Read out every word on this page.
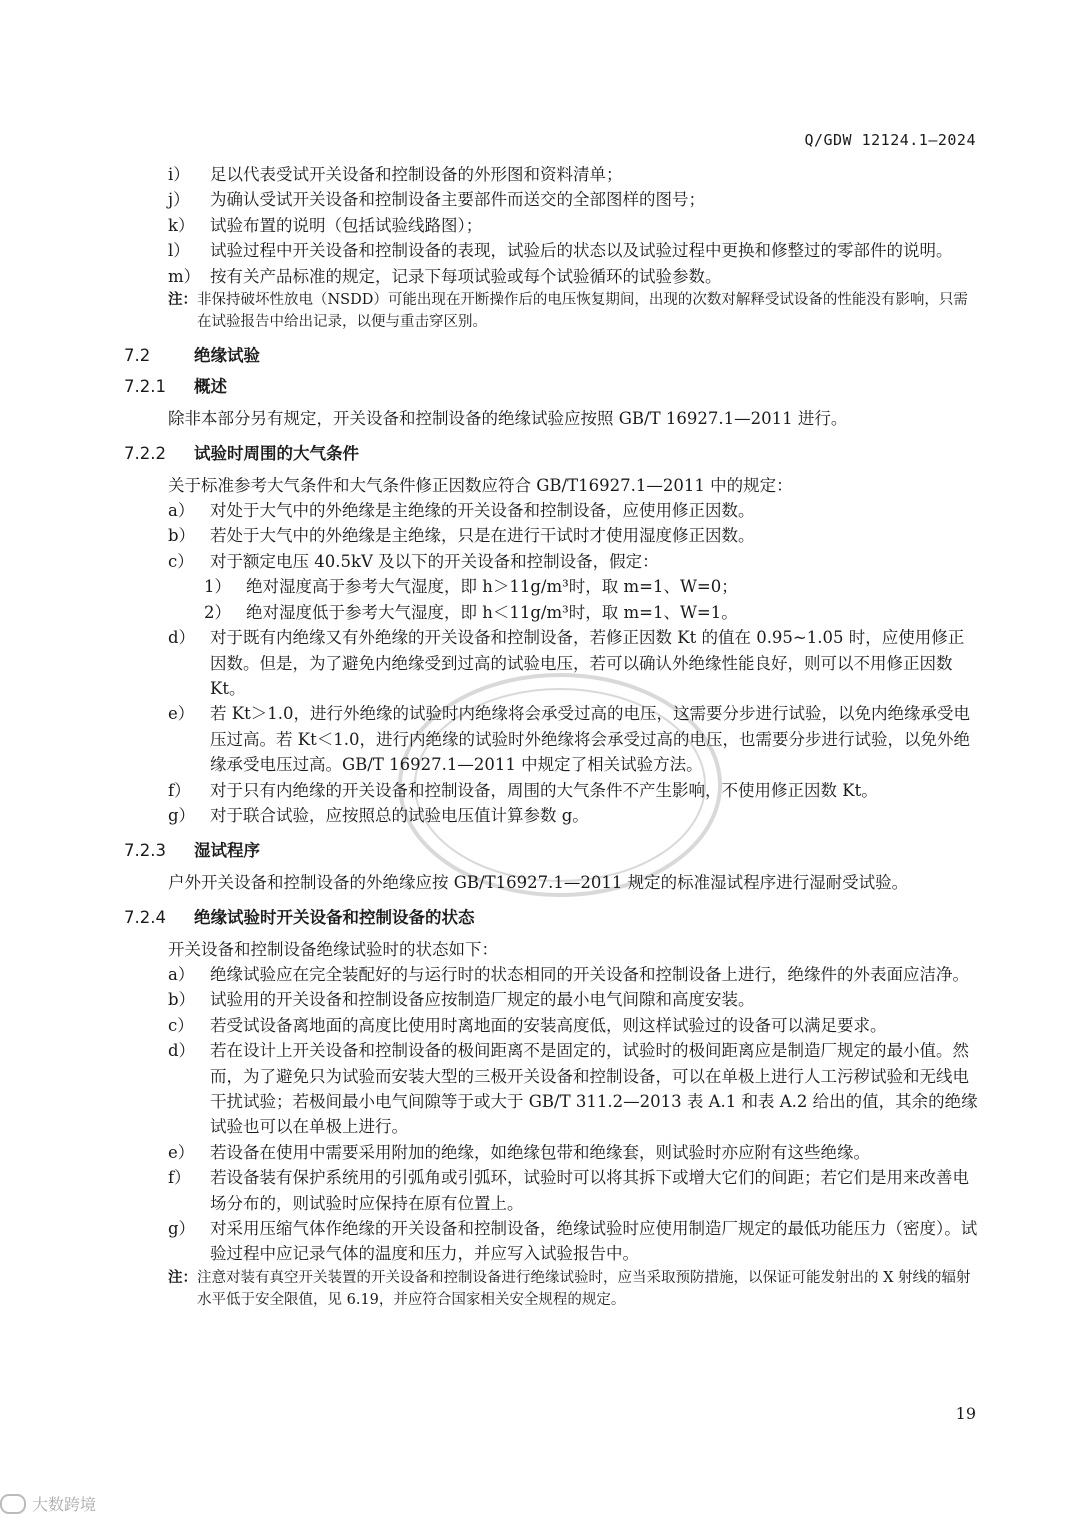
Q/GDW 12124.1—2024
i）	足以代表受试开关设备和控制设备的外形图和资料清单；
j）	为确认受试开关设备和控制设备主要部件而送交的全部图样的图号；
k） 试验布置的说明（包括试验线路图）；
l）	试验过程中开关设备和控制设备的表现，试验后的状态以及试验过程中更换和修整过的零部件的说明。
m） 按有关产品标准的规定，记录下每项试验或每个试验循环的试验参数。
注： 非保持破坏性放电（NSDD）可能出现在开断操作后的电压恢复期间，出现的次数对解释受试设备的性能没有影响，只需在试验报告中给出记录，以便与重击穿区别。
7.2	绝缘试验
7.2.1	概述
除非本部分另有规定，开关设备和控制设备的绝缘试验应按照 GB/T 16927.1—2011 进行。
7.2.2	试验时周围的大气条件
关于标准参考大气条件和大气条件修正因数应符合 GB/T16927.1—2011 中的规定：
a） 对处于大气中的外绝缘是主绝缘的开关设备和控制设备，应使用修正因数。
b） 若处于大气中的外绝缘是主绝缘，只是在进行干试时才使用湿度修正因数。
c） 对于额定电压 40.5kV 及以下的开关设备和控制设备，假定：
1） 绝对湿度高于参考大气湿度，即 h＞11g/m³时，取 m=1、W=0；
2） 绝对湿度低于参考大气湿度，即 h＜11g/m³时，取 m=1、W=1。
d） 对于既有内绝缘又有外绝缘的开关设备和控制设备，若修正因数 Kt 的值在 0.95~1.05 时，应使用修正因数。但是，为了避免内绝缘受到过高的试验电压，若可以确认外绝缘性能良好，则可以不用修正因数 Kt。
e） 若 Kt＞1.0，进行外绝缘的试验时内绝缘将会承受过高的电压，这需要分步进行试验，以免内绝缘承受电压过高。若 Kt＜1.0，进行内绝缘的试验时外绝缘将会承受过高的电压，也需要分步进行试验，以免外绝缘承受电压过高。GB/T 16927.1—2011 中规定了相关试验方法。
f）	对于只有内绝缘的开关设备和控制设备，周围的大气条件不产生影响，不使用修正因数 Kt。
g） 对于联合试验，应按照总的试验电压值计算参数 g。
7.2.3	湿试程序
户外开关设备和控制设备的外绝缘应按 GB/T16927.1—2011 规定的标准湿试程序进行湿耐受试验。
7.2.4	绝缘试验时开关设备和控制设备的状态
开关设备和控制设备绝缘试验时的状态如下：
a） 绝缘试验应在完全装配好的与运行时的状态相同的开关设备和控制设备上进行，绝缘件的外表面应洁净。
b） 试验用的开关设备和控制设备应按制造厂规定的最小电气间隙和高度安装。
c） 若受试设备离地面的高度比使用时离地面的安装高度低，则这样试验过的设备可以满足要求。
d） 若在设计上开关设备和控制设备的极间距离不是固定的，试验时的极间距离应是制造厂规定的最小值。然而，为了避免只为试验而安装大型的三极开关设备和控制设备，可以在单极上进行人工污秽试验和无线电干扰试验；若极间最小电气间隙等于或大于 GB/T 311.2—2013 表 A.1 和表 A.2 给出的值，其余的绝缘试验也可以在单极上进行。
e） 若设备在使用中需要采用附加的绝缘，如绝缘包带和绝缘套，则试验时亦应附有这些绝缘。
f）	若设备装有保护系统用的引弧角或引弧环，试验时可以将其拆下或增大它们的间距；若它们是用来改善电场分布的，则试验时应保持在原有位置上。
g） 对采用压缩气体作绝缘的开关设备和控制设备，绝缘试验时应使用制造厂规定的最低功能压力（密度）。试验过程中应记录气体的温度和压力，并应写入试验报告中。
注： 注意对装有真空开关装置的开关设备和控制设备进行绝缘试验时，应当采取预防措施，以保证可能发射出的 X 射线的辐射水平低于安全限值，见 6.19，并应符合国家相关安全规程的规定。
19
大数跨境
